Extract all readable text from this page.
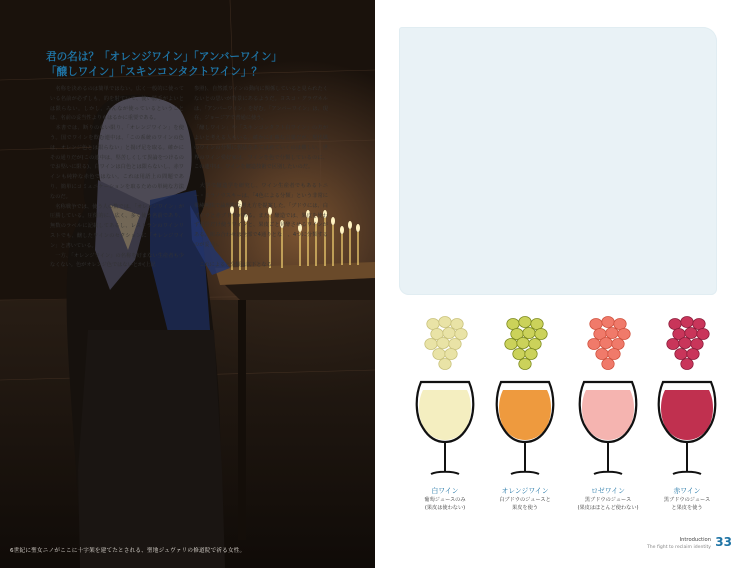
6世紀に聖女ニノがここに十字架を建てたとされる、聖地ジュヴァリの修道院で祈る女性。
君の名は？「オレンジワイン」「アンバーワイン」
「醸しワイン」「スキンコンタクトワイン」？

　名称を決めるのは簡単ではない。広く一般的に使っている名前が必ずしも、的を射ていて、使い勝手がよいとは限らない。しかし、みんなが使っているということは、名前の妥当性よりもはるかに重要である。

　本書では、断りのない限り、「オレンジワイン」を使う。国でワインを飲む連中は、「この系統のワインの色は、オレンジ色とは限らない」と揚げ足を取る。確かにその通りだが(この連中は、堅苦しくして異論をつけるのでお堅いに限る)、白ワインは白色とは限らないし、赤ワインも純粋な赤色ではない。これは用語上の問題であり、簡単にコミュニケーションを取るための単純な方法なのだ。

　名称戦争では、使う人の数では、「オレンジワイン」が圧勝している。圧倒的に、広く、多く使う名前であり、無数のラベルに記載してあるし、レストランのワインリストでも、醸したワインのセクションに「オレンジワイン」と書いている。

　一方、「オレンジワイン」の名称を好まない生産者も少なくない。色がオレンジ色ではないとか(上記

参照)、自然派ワインの動向に関係していると見られたくないとの思いが背景にあるようだ。ヨスコ・グラヴネルは、「アンバーワイン」を好む。「アンバーワイン」は、現在、ジョージアで普通に使う。

「醸しワイン」や「スキンコンタクト白ワイン」の方がよいと考える人もいる。確かに正確な言葉だが、現代風のワインの分類に製法をあてはめていくのは難しい。世界のワイン愛好家は、ワインを色で分類しているのに、この連中は、ワインを醸造技術で区別したいのだ。

　大学で醸造学を研究し、ワイン生産者でもあるトニー・ミラノウスキーは、「4色による分類」という非常に単純明快で論理的な考え方を提案した。「ブドウには、白ブドウと赤ブドウがある。また、醸造では、果皮を使わず果汁だけ使うワインと、果皮ごと発酵させるワインがある。組み合わせは全部で4通りとな　、4つに分類するのが妥当」。

　これによると分類は以下となる

白ワイン
葡萄ジュースのみ
(果皮は使わない)
オレンジワイン
白ブドウのジュースと
果皮を使う
ロゼワイン
黒ブドウのジュース
(果皮はほとんど使わない)
赤ワイン
黒ブドウのジュース
と果皮を使う
Introduction
The fight to reclaim identity 33
